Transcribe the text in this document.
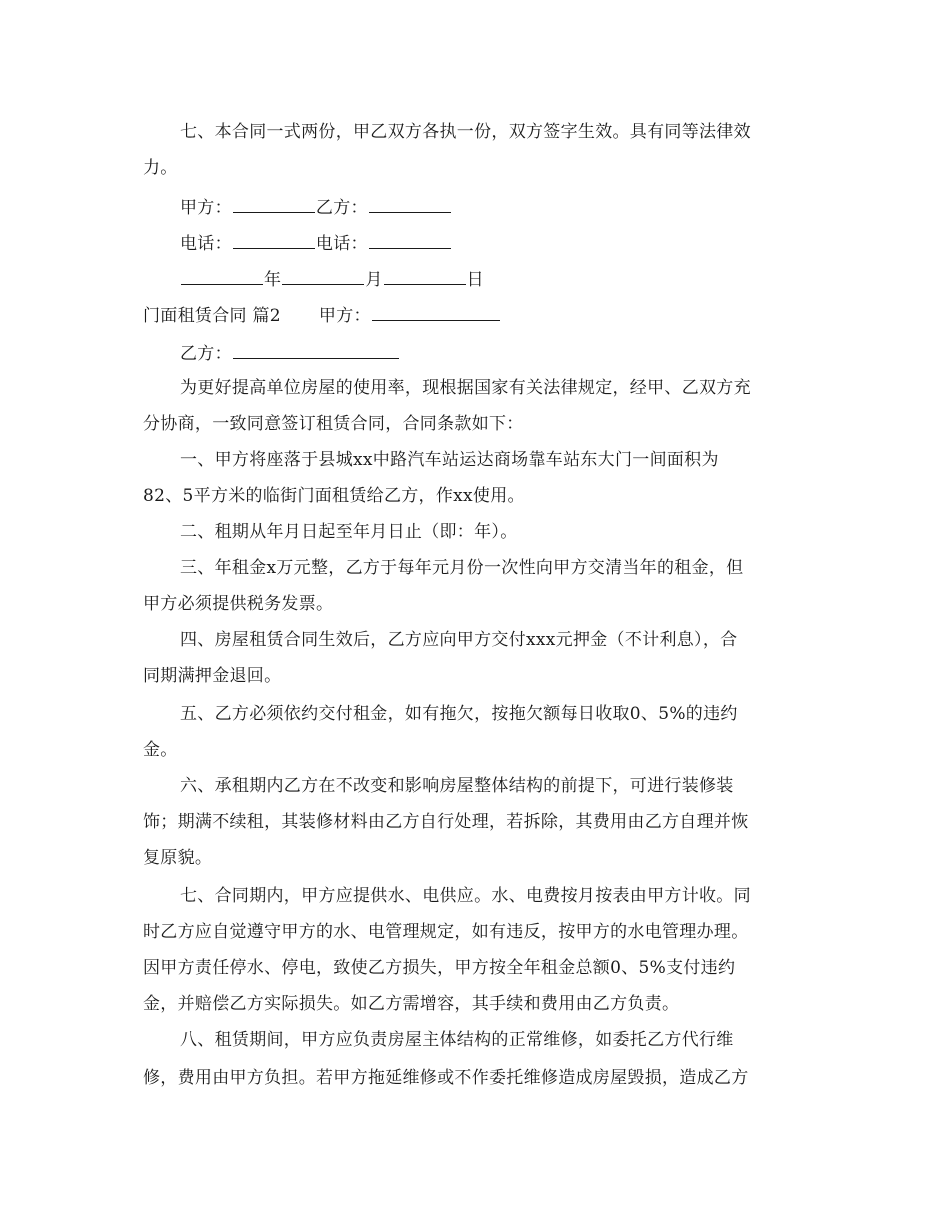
七、本合同一式两份，甲乙双方各执一份，双方签字生效。具有同等法律效
力。
甲方：	乙方：
电话：	电话：
年	月	日
门面租赁合同 篇2 甲方：
乙方：
为更好提高单位房屋的使用率，现根据国家有关法律规定，经甲、乙双方充
分协商，一致同意签订租赁合同，合同条款如下：
一、甲方将座落于县城xx中路汽车站运达商场靠车站东大门一间面积为
82、5平方米的临街门面租赁给乙方，作xx使用。
二、租期从年月日起至年月日止（即：年）。
三、年租金x万元整，乙方于每年元月份一次性向甲方交清当年的租金，但
甲方必须提供税务发票。
四、房屋租赁合同生效后，乙方应向甲方交付xxx元押金（不计利息），合
同期满押金退回。
五、乙方必须依约交付租金，如有拖欠，按拖欠额每日收取0、5%的违约
金。
六、承租期内乙方在不改变和影响房屋整体结构的前提下，可进行装修装
饰；期满不续租，其装修材料由乙方自行处理，若拆除，其费用由乙方自理并恢
复原貌。
七、合同期内，甲方应提供水、电供应。水、电费按月按表由甲方计收。同
时乙方应自觉遵守甲方的水、电管理规定，如有违反，按甲方的水电管理办理。
因甲方责任停水、停电，致使乙方损失，甲方按全年租金总额0、5%支付违约
金，并赔偿乙方实际损失。如乙方需增容，其手续和费用由乙方负责。
八、租赁期间，甲方应负责房屋主体结构的正常维修，如委托乙方代行维
修，费用由甲方负担。若甲方拖延维修或不作委托维修造成房屋毁损，造成乙方
